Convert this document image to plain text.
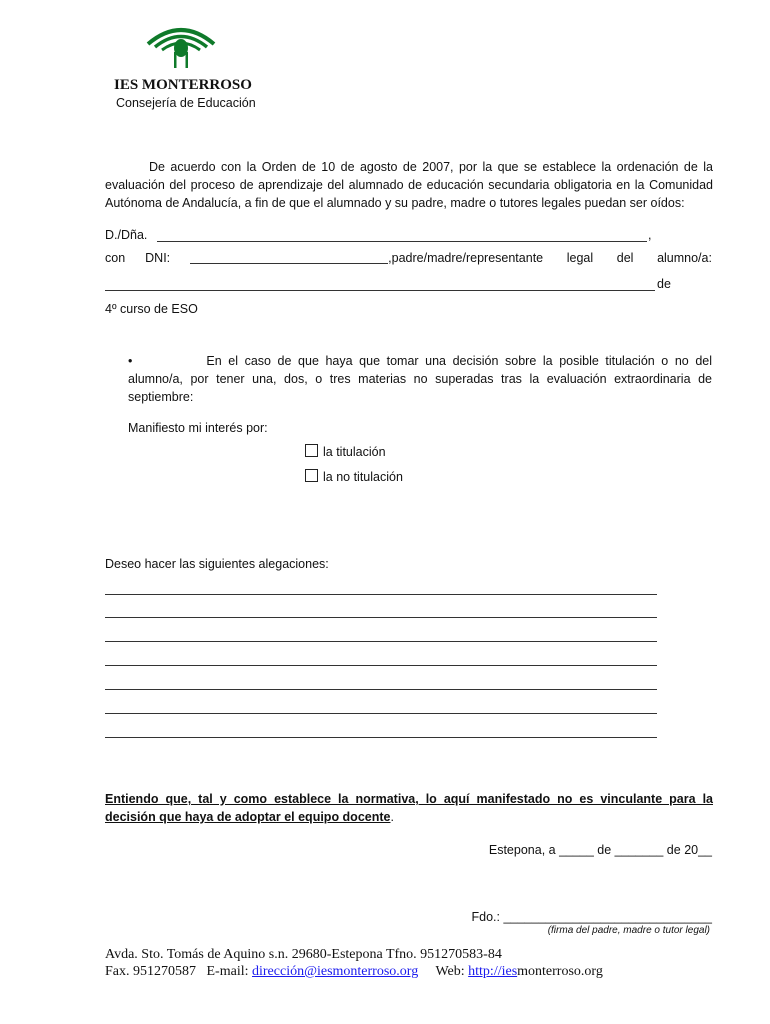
IES MONTERROSO
Consejería de Educación
De acuerdo con la Orden de 10 de agosto de 2007, por la que se establece la ordenación de la evaluación del proceso de aprendizaje del alumnado de educación secundaria obligatoria en la Comunidad Autónoma de Andalucía, a fin de que el alumnado y su padre, madre o tutores legales puedan ser oídos:
D./Dña.	,
con DNI:	,padre/madre/representante legal del alumno/a:
de
4º curso de ESO
•	En el caso de que haya que tomar una decisión sobre la posible titulación o no del alumno/a, por tener una, dos, o tres materias no superadas tras la evaluación extraordinaria de septiembre:
Manifiesto mi interés por:
la titulación
la no titulación
Deseo hacer las siguientes alegaciones:
Entiendo que, tal y como establece la normativa, lo aquí manifestado no es vinculante para la decisión que haya de adoptar el equipo docente.
Estepona, a _____ de _______ de 20__
Fdo.: ______________________________
(firma del padre, madre o tutor legal)
Avda. Sto. Tomás de Aquino s.n. 29680-Estepona Tfno. 951270583-84
Fax. 951270587   E-mail: dirección@iesmonterroso.org     Web: http://iesmonterroso.org
